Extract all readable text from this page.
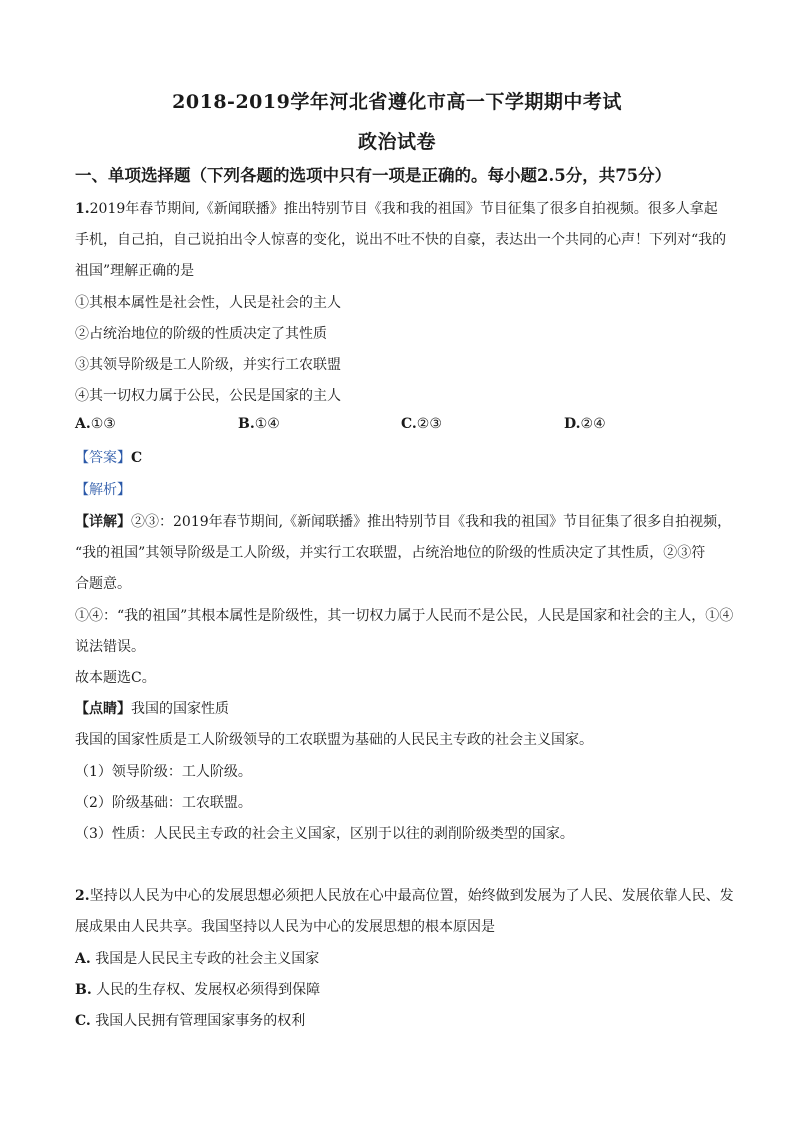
2018-2019学年河北省遵化市高一下学期期中考试
政治试卷
一、单项选择题（下列各题的选项中只有一项是正确的。每小题2.5分，共75分）
1.2019年春节期间,《新闻联播》推出特别节目《我和我的祖国》节目征集了很多自拍视频。很多人拿起
手机，自己拍，自己说拍出令人惊喜的变化，说出不吐不快的自豪，表达出一个共同的心声！下列对“我的
祖国”理解正确的是
①其根本属性是社会性，人民是社会的主人
②占统治地位的阶级的性质决定了其性质
③其领导阶级是工人阶级，并实行工农联盟
④其一切权力属于公民，公民是国家的主人
A.①③	B.①④	C.②③	D.②④
【答案】C
【解析】
【详解】②③：2019年春节期间,《新闻联播》推出特别节目《我和我的祖国》节目征集了很多自拍视频，
“我的祖国”其领导阶级是工人阶级，并实行工农联盟，占统治地位的阶级的性质决定了其性质，②③符
合题意。
①④：“我的祖国”其根本属性是阶级性，其一切权力属于人民而不是公民，人民是国家和社会的主人，①④
说法错误。
故本题选C。
【点睛】我国的国家性质
我国的国家性质是工人阶级领导的工农联盟为基础的人民民主专政的社会主义国家。
（1）领导阶级：工人阶级。
（2）阶级基础：工农联盟。
（3）性质：人民民主专政的社会主义国家，区别于以往的剥削阶级类型的国家。
2.坚持以人民为中心的发展思想必须把人民放在心中最高位置，始终做到发展为了人民、发展依靠人民、发
展成果由人民共享。我国坚持以人民为中心的发展思想的根本原因是
A. 我国是人民民主专政的社会主义国家
B. 人民的生存权、发展权必须得到保障
C. 我国人民拥有管理国家事务的权利
